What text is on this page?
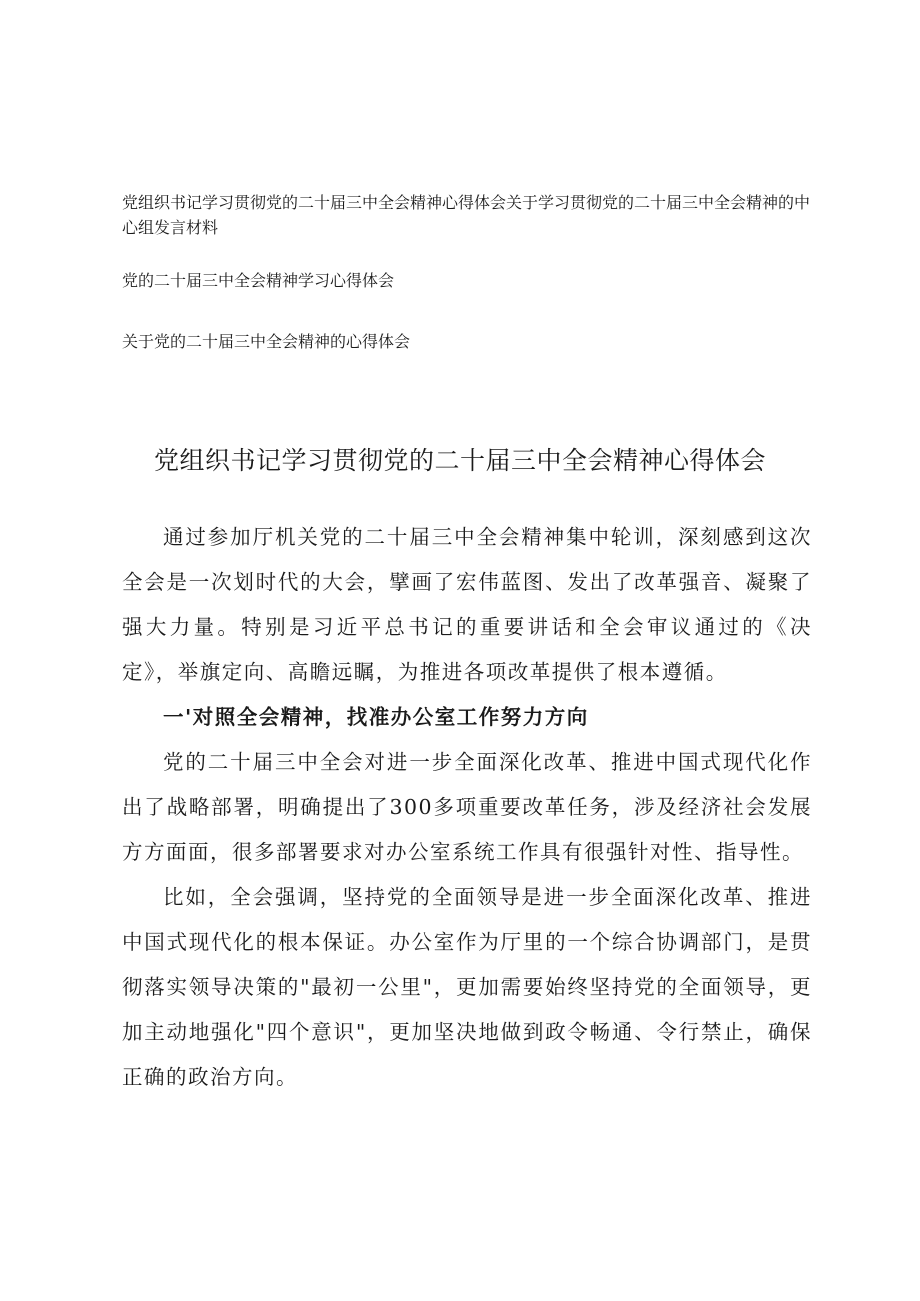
党组织书记学习贯彻党的二十届三中全会精神心得体会关于学习贯彻党的二十届三中全会精神的中心组发言材料

党的二十届三中全会精神学习心得体会

关于党的二十届三中全会精神的心得体会

党组织书记学习贯彻党的二十届三中全会精神心得体会

通过参加厅机关党的二十届三中全会精神集中轮训，深刻感到这次全会是一次划时代的大会，擘画了宏伟蓝图、发出了改革强音、凝聚了强大力量。特别是习近平总书记的重要讲话和全会审议通过的《决定》，举旗定向、高瞻远瞩，为推进各项改革提供了根本遵循。

一'对照全会精神，找准办公室工作努力方向

党的二十届三中全会对进一步全面深化改革、推进中国式现代化作出了战略部署，明确提出了300多项重要改革任务，涉及经济社会发展方方面面，很多部署要求对办公室系统工作具有很强针对性、指导性。

比如，全会强调，坚持党的全面领导是进一步全面深化改革、推进中国式现代化的根本保证。办公室作为厅里的一个综合协调部门，是贯彻落实领导决策的"最初一公里"，更加需要始终坚持党的全面领导，更加主动地强化"四个意识"，更加坚决地做到政令畅通、令行禁止，确保正确的政治方向。
